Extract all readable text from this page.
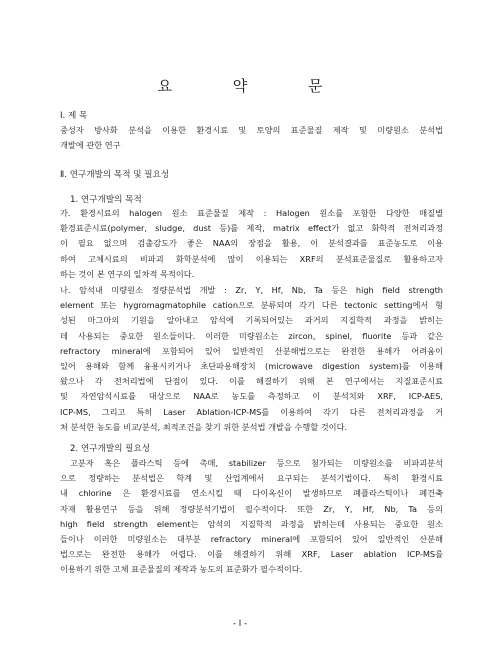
요 약 문
Ⅰ. 제 목
중성자 방사화 분석을 이용한 환경시료 및 토양의 표준물질 제작 및 미량원소 분석법
개발에 관한 연구
Ⅱ. 연구개발의 목적 및 필요성
1. 연구개발의 목적
가. 환경시료의 halogen 원소 표준물질 제작 : Halogen 원소를 포함한 다양한 매질별
환경표준시료(polymer, sludge, dust 등)를 제작, matrix effect가 없고 화학적 전처리과정
이 필요 없으며 검출감도가 좋은 NAA의 장점을 활용, 이 분석결과를 표준농도로 이용
하여 고체시료의 비파괴 화학분석에 많이 이용되는 XRF의 분석표준물질로 활용하고자
하는 것이 본 연구의 일차적 목적이다.
나. 암석내 미량원소 정량분석법 개발 : Zr, Y, Hf, Nb, Ta 등은 high field strength
element 또는 hygromagmatophile cation으로 분류되며 각기 다른 tectonic setting에서 형
성된 마그마의 기원을 알아내고 암석에 기록되어있는 과거의 지질학적 과정을 밝히는
데 사용되는 중요한 원소들이다. 이러한 미량원소는 zircon, spinel, fluorite 등과 같은
refractory mineral에 포함되어 있어 일반적인 산분해법으로는 완전한 용해가 어려움이
있어 용해와 함께 융용시키거나 초단파용해장치 (microwave digestion system)를 이용해
왔으나 각 전처리법에 단점이 있다. 이를 해결하기 위해 본 연구에서는 지질표준시료
및 자연암석시료를 대상으로 NAA로 농도를 측정하고 이 분석치와 XRF, ICP-AES,
ICP-MS, 그리고 특히 Laser Ablation-ICP-MS를 이용하여 각기 다른 전처리과정을 거
쳐 분석한 농도를 비교/분석, 최적조건을 찾기 위한 분석법 개발을 수행할 것이다.
2. 연구개발의 필요성
고분자 혹은 플라스틱 등에 촉매, stabilizer 등으로 첨가되는 미량원소를 비파괴분석
으로 정량하는 분석법은 학계 및 산업계에서 요구되는 분석기법이다. 특히 환경시료
내 chlorine 은 환경시료를 연소시킬 때 다이옥신이 발생하므로 폐플라스틱이나 폐건축
자재 활용연구 등을 위해 정량분석기법이 필수적이다. 또한 Zr, Y, Hf, Nb, Ta 등의
high field strength element는 암석의 지질학적 과정을 밝히는데 사용되는 중요한 원소
들이나 이러한 미량원소는 대부분 refractory mineral에 포함되어 있어 일반적인 산분해
법으로는 완전한 용해가 어렵다. 이를 해결하기 위해 XRF, Laser ablation ICP-MS를
이용하기 위한 고체 표준물질의 제작과 농도의 표준화가 필수적이다.
- I -
